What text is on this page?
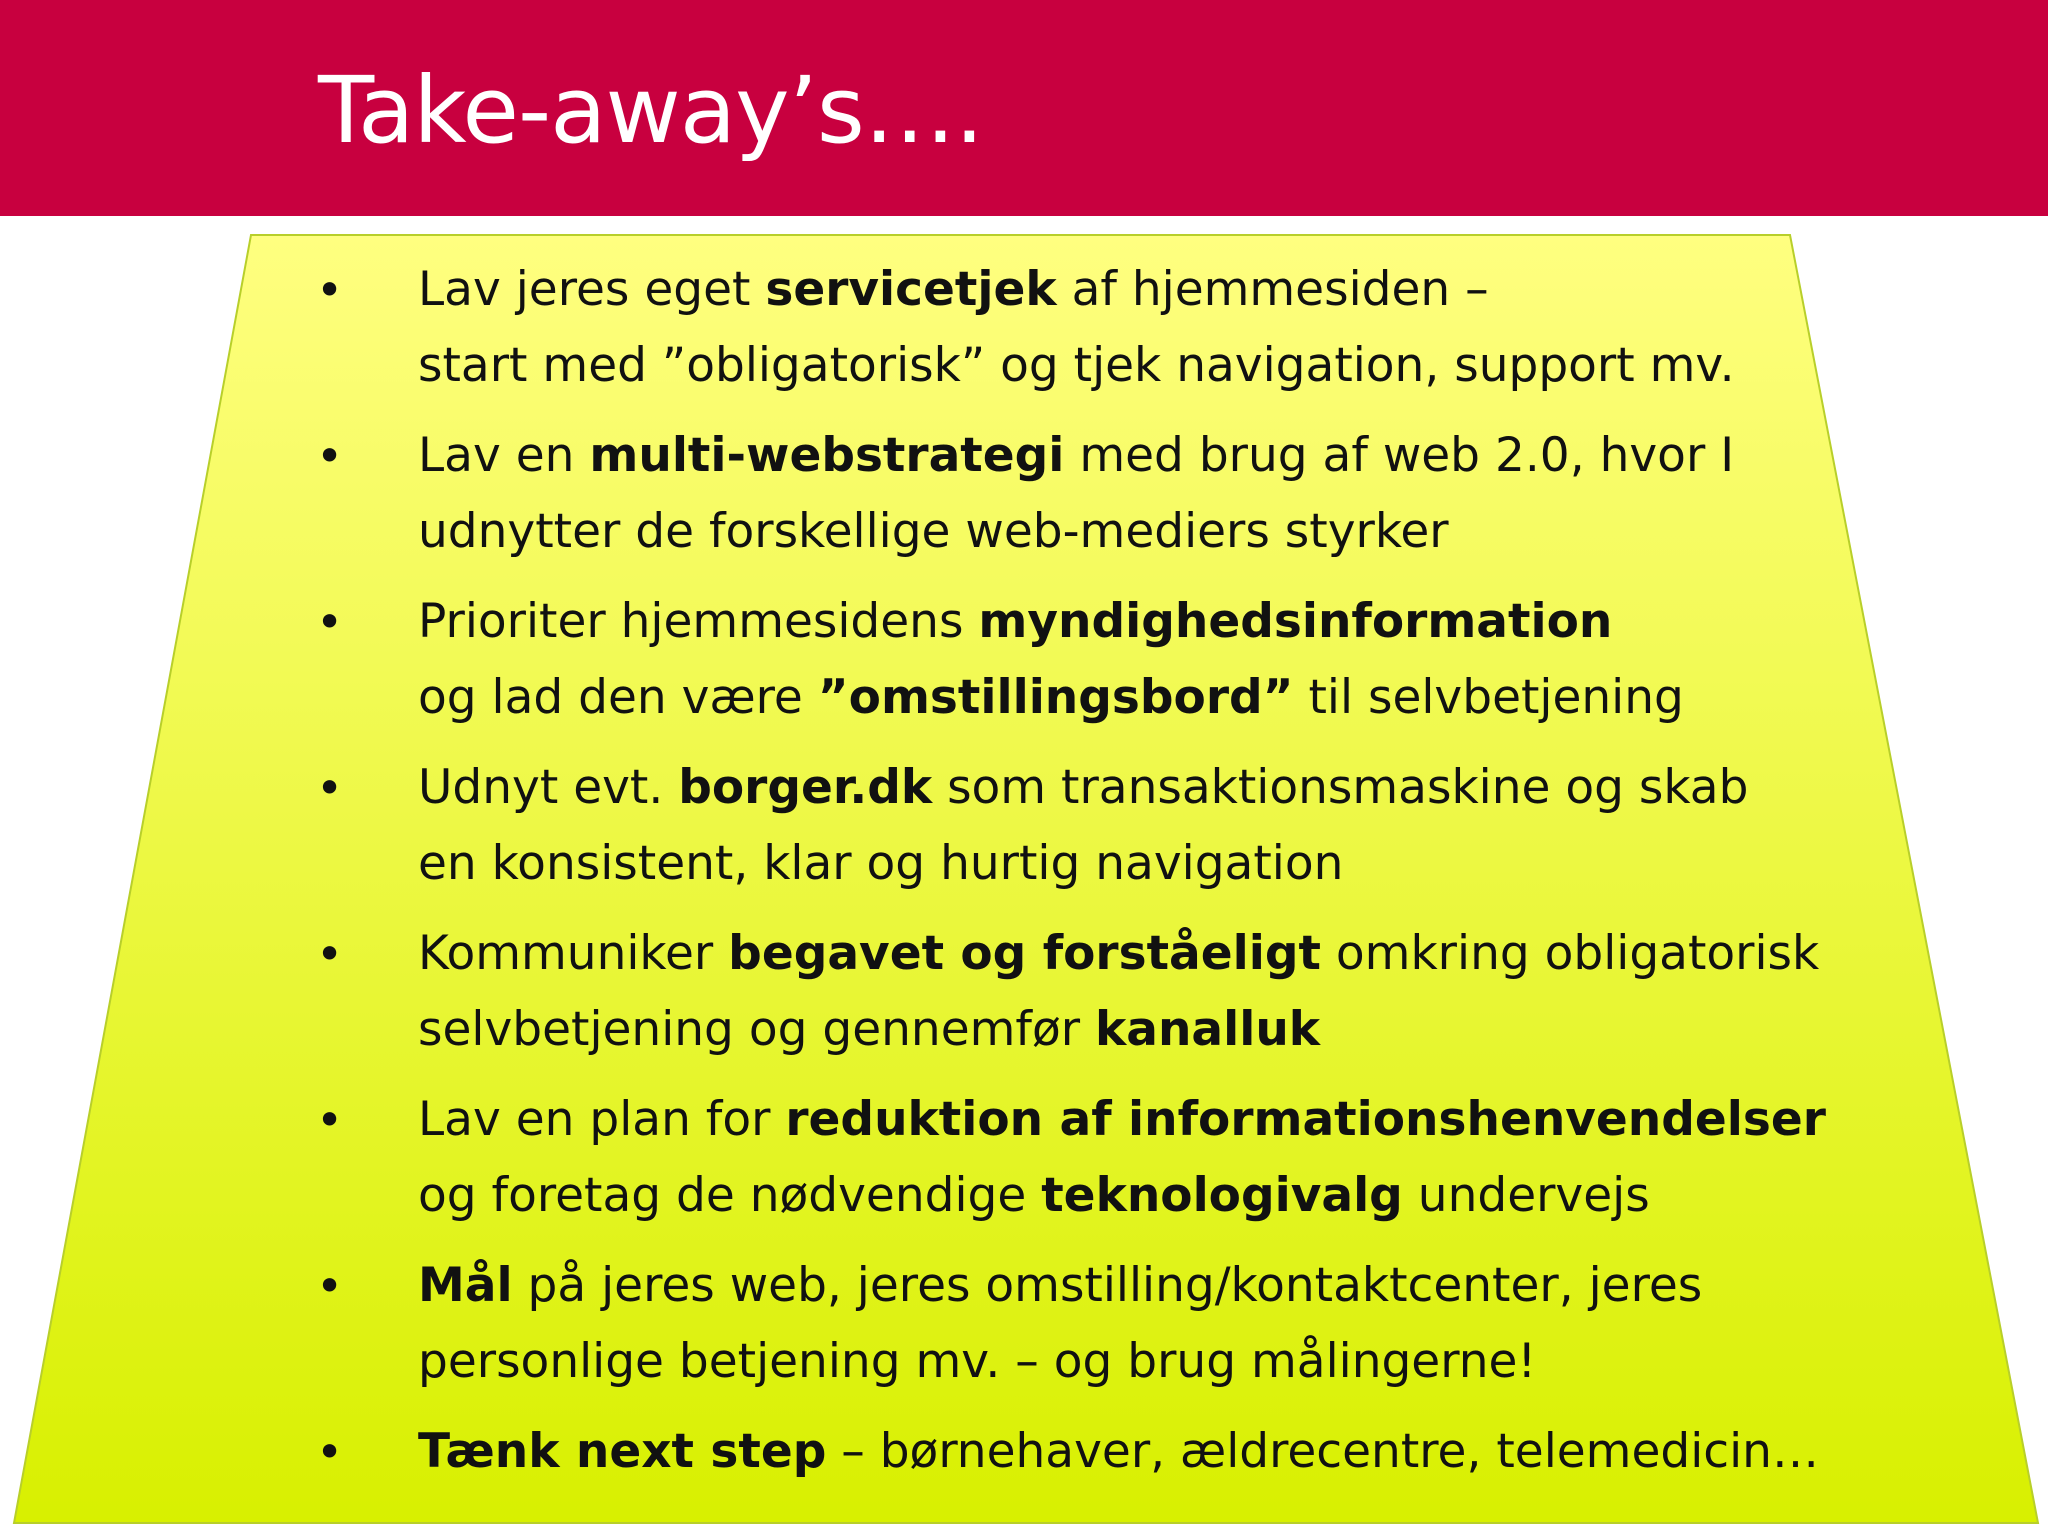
Take-away’s….
• Lav jeres eget servicetjek af hjemmesiden –
start med ”obligatorisk” og tjek navigation, support mv.
• Lav en multi-webstrategi med brug af web 2.0, hvor I
udnytter de forskellige web-mediers styrker
• Prioriter hjemmesidens myndighedsinformation
og lad den være ”omstillingsbord” til selvbetjening
• Udnyt evt. borger.dk som transaktionsmaskine og skab
en konsistent, klar og hurtig navigation
• Kommuniker begavet og forståeligt omkring obligatorisk
selvbetjening og gennemfør kanalluk
• Lav en plan for reduktion af informationshenvendelser
og foretag de nødvendige teknologivalg undervejs
• Mål på jeres web, jeres omstilling/kontaktcenter, jeres
personlige betjening mv. – og brug målingerne!
• Tænk next step – børnehaver, ældrecentre, telemedicin…
